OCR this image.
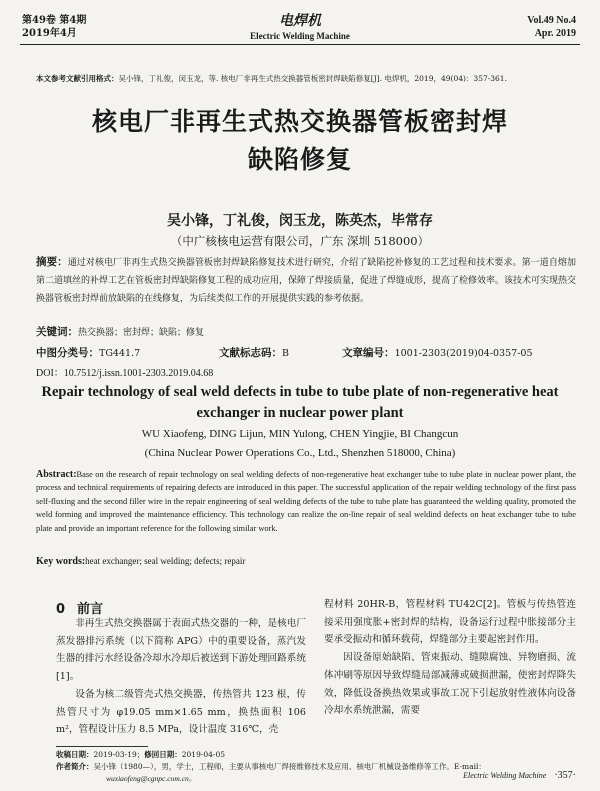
第49卷 第4期
2019年4月
电焊机
Electric Welding Machine
Vol.49 No.4
Apr. 2019
本文参考文献引用格式：吴小锋，丁礼俊，闵玉龙，等. 核电厂非再生式热交换器管板密封焊缺陷修复[J]. 电焊机，2019，49(04)：357-361.
核电厂非再生式热交换器管板密封焊
缺陷修复
吴小锋，丁礼俊，闵玉龙，陈英杰，毕常存
（中广核核电运营有限公司，广东 深圳 518000）
摘要：通过对核电厂非再生式热交换器管板密封焊缺陷修复技术进行研究，介绍了缺陷挖补修复的工艺过程和技术要求。第一道自熔加第二道填丝的补焊工艺在管板密封焊缺陷修复工程的成功应用，保障了焊接质量，促进了焊缝成形，提高了检修效率。该技术可实现热交换器管板密封焊前放缺陷的在线修复，为后续类似工作的开展提供实践的参考依据。
关键词：热交换器；密封焊；缺陷；修复
中图分类号：TG441.7	文献标志码：B	文章编号：1001-2303(2019)04-0357-05
DOI：10.7512/j.issn.1001-2303.2019.04.68
Repair technology of seal weld defects in tube to tube plate of non-regenerative heat exchanger in nuclear power plant
WU Xiaofeng, DING Lijun, MIN Yulong, CHEN Yingjie, BI Changcun
(China Nuclear Power Operations Co., Ltd., Shenzhen 518000, China)
Abstract:Base on the research of repair technology on seal welding defects of non-regenerative heat exchanger tube to tube plate in nuclear power plant, the process and technical requirements of repairing defects are introduced in this paper. The successful application of the repair welding technology of the first pass self-fluxing and the second filler wire in the repair engineering of seal welding defects of the tube to tube plate has guaranteed the welding quality, promoted the weld forming and improved the maintenance efficiency. This technology can realize the on-line repair of seal weldind defects on heat exchanger tube to tube plate and provide an important reference for the following similar work.
Key words:heat exchanger; seal welding; defects; repair
0 前言

非再生式热交换器属于表面式热交器的一种，是核电厂蒸发器排污系统（以下简称 APG）中的重要设备，蒸汽发生器的排污水经设备冷却水冷却后被送到下游处理回路系统[1]。

设备为核二级管壳式热交换器，传热管共 123 根，传热管尺寸为 φ19.05 mm×1.65 mm，换热面积 106 m²，管程设计压力 8.5 MPa，设计温度 316℃，壳

程材料 20HR-B，管程材料 TU42C[2]。管板与传热管连接采用强度胀+密封焊的结构，设备运行过程中胀接部分主要承受振动和循环载荷，焊缝部分主要起密封作用。

因设备原始缺陷、管束振动、缝隙腐蚀、异物磨损、流体冲刷等原因导致焊缝局部减薄或破损泄漏，使密封焊降失效，降低设备换热效果或事故工况下引起放射性液体向设备冷却水系统泄漏，需要

收稿日期：2019-03-19；修回日期：2019-04-05
作者简介：吴小锋（1980—），男，学士，工程师，主要从事核电厂焊接维修技术及应用、核电厂机械设备维修等工作。E-mail：
wuxiaofeng@cgnpc.com.cn。	Electric Welding Machine ·357·
